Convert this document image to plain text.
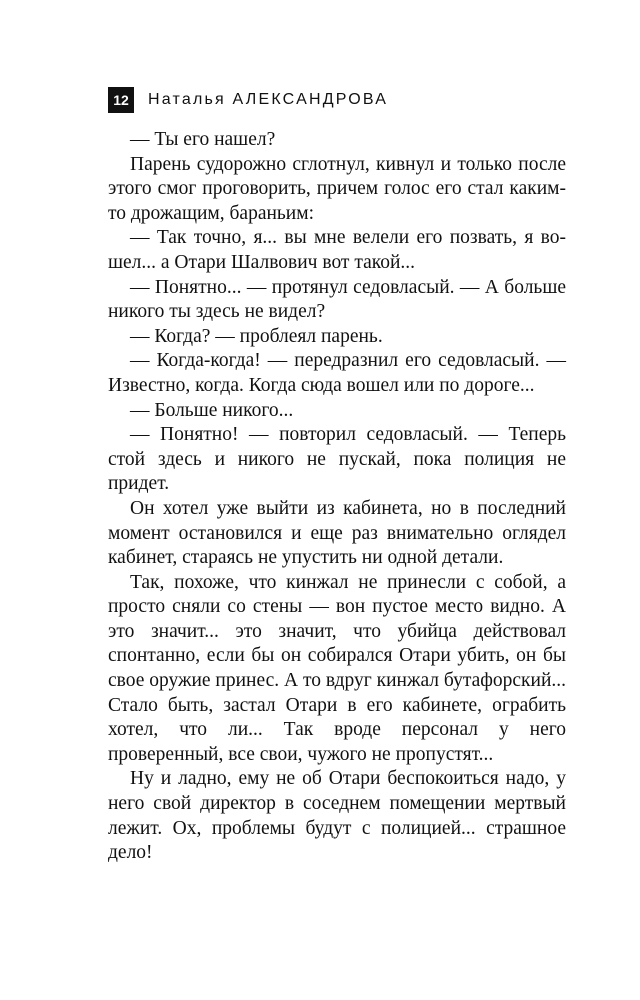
12	Наталья АЛЕКСАНДРОВА

— Ты его нашел?

Парень судорожно сглотнул, кивнул и только после этого смог проговорить, причем голос его стал каким-то дрожащим, бараньим:

— Так точно, я... вы мне велели его позвать, я вошел... а Отари Шалвович вот такой...

— Понятно... — протянул седовласый. — А больше никого ты здесь не видел?

— Когда? — проблеял парень.

— Когда-когда! — передразнил его седовласый. — Известно, когда. Когда сюда вошел или по дороге...

— Больше никого...

— Понятно! — повторил седовласый. — Теперь стой здесь и никого не пускай, пока полиция не придет.

Он хотел уже выйти из кабинета, но в последний момент остановился и еще раз внимательно оглядел кабинет, стараясь не упустить ни одной детали.

Так, похоже, что кинжал не принесли с собой, а просто сняли со стены — вон пустое место видно. А это значит... это значит, что убийца действовал спонтанно, если бы он собирался Отари убить, он бы свое оружие принес. А то вдруг кинжал бутафорский... Стало быть, застал Отари в его кабинете, ограбить хотел, что ли... Так вроде персонал у него проверенный, все свои, чужого не пропустят...

Ну и ладно, ему не об Отари беспокоиться надо, у него свой директор в соседнем помещении мертвый лежит. Ох, проблемы будут с полицией... страшное дело!
